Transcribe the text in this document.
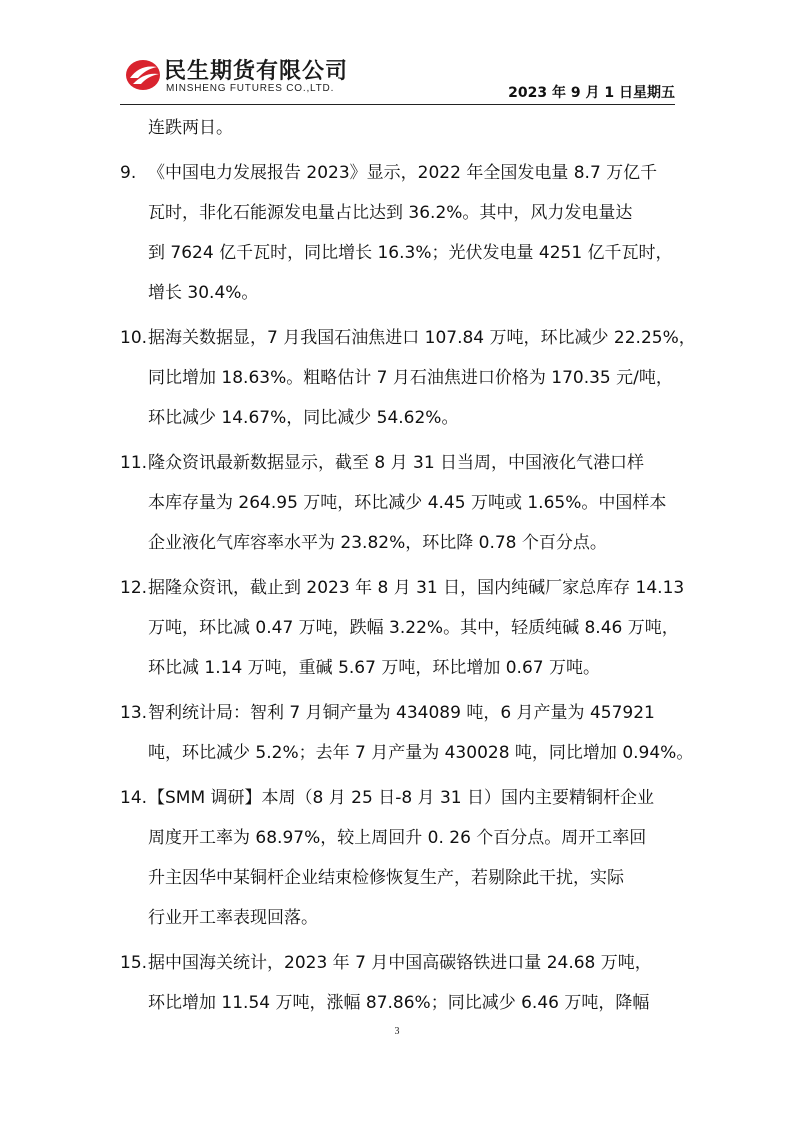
民生期货有限公司
MINSHENG FUTURES CO.,LTD.	2023 年 9 月 1 日星期五
连跌两日。
9. 《中国电力发展报告 2023》显示，2022 年全国发电量 8.7 万亿千
瓦时，非化石能源发电量占比达到 36.2%。其中，风力发电量达
到 7624 亿千瓦时，同比增长 16.3%；光伏发电量 4251 亿千瓦时，
增长 30.4%。
10. 据海关数据显，7 月我国石油焦进口 107.84 万吨，环比减少 22.25%，
同比增加 18.63%。粗略估计 7 月石油焦进口价格为 170.35 元/吨，
环比减少 14.67%，同比减少 54.62%。
11. 隆众资讯最新数据显示，截至 8 月 31 日当周，中国液化气港口样
本库存量为 264.95 万吨，环比减少 4.45 万吨或 1.65%。中国样本
企业液化气库容率水平为 23.82%，环比降 0.78 个百分点。
12. 据隆众资讯，截止到 2023 年 8 月 31 日，国内纯碱厂家总库存 14.13
万吨，环比减 0.47 万吨，跌幅 3.22%。其中，轻质纯碱 8.46 万吨，
环比减 1.14 万吨，重碱 5.67 万吨，环比增加 0.67 万吨。
13. 智利统计局：智利 7 月铜产量为 434089 吨，6 月产量为 457921
吨，环比减少 5.2%；去年 7 月产量为 430028 吨，同比增加 0.94%。
14. 【SMM 调研】本周（8 月 25 日-8 月 31 日）国内主要精铜杆企业
周度开工率为 68.97%，较上周回升 0. 26 个百分点。周开工率回
升主因华中某铜杆企业结束检修恢复生产，若剔除此干扰，实际
行业开工率表现回落。
15. 据中国海关统计，2023 年 7 月中国高碳铬铁进口量 24.68 万吨，
环比增加 11.54 万吨，涨幅 87.86%；同比减少 6.46 万吨，降幅
3
